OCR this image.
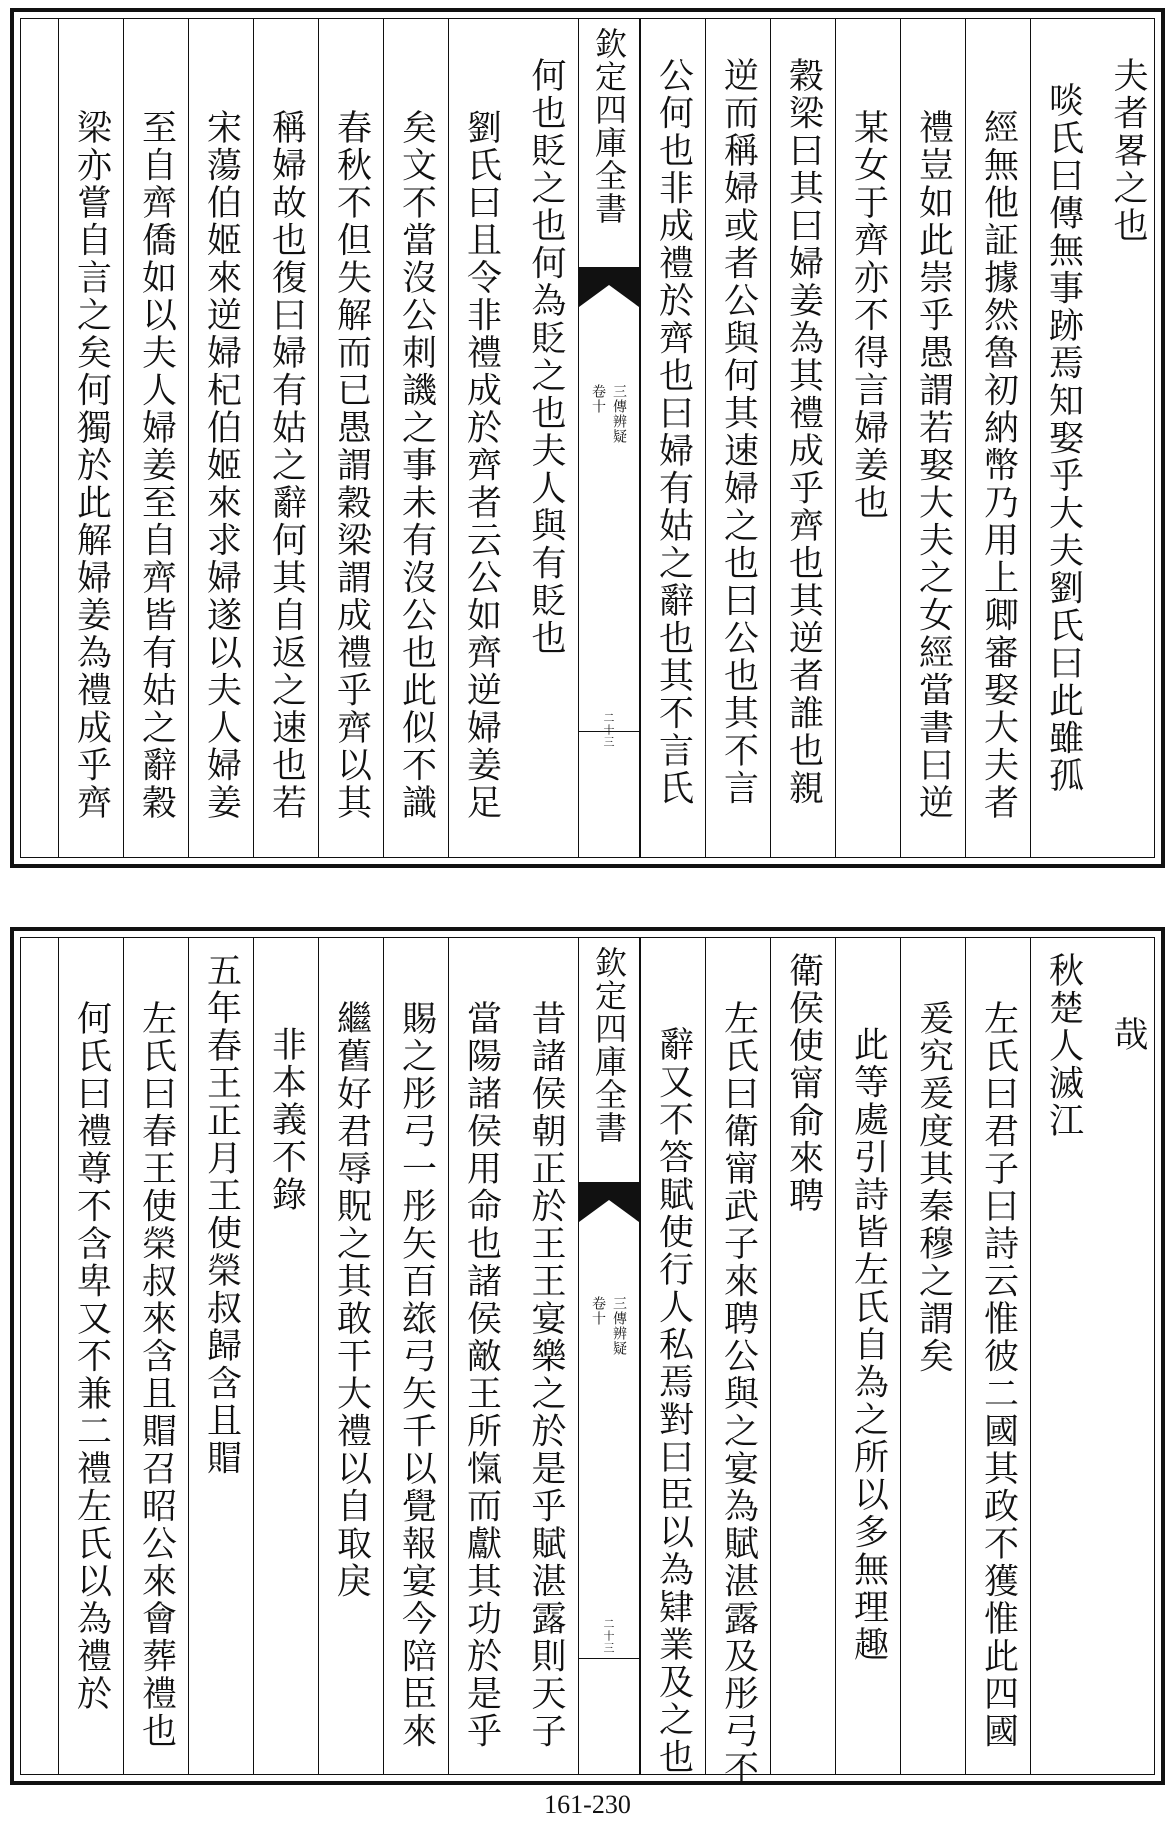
夫者畧之也
啖氏曰傳無事跡焉知娶乎大夫劉氏曰此雖孤
經無他証據然魯初納幣乃用上卿審娶大夫者
禮豈如此崇乎愚謂若娶大夫之女經當書曰逆
某女于齊亦不得言婦姜也
穀梁曰其曰婦姜為其禮成乎齊也其逆者誰也親
逆而稱婦或者公與何其速婦之也曰公也其不言
公何也非成禮於齊也曰婦有姑之辭也其不言氏
欽定四庫全書
三傳辨疑
卷十
二十三
何也貶之也何為貶之也夫人與有貶也
劉氏曰且令非禮成於齊者云公如齊逆婦姜足
矣文不當沒公刺譏之事未有沒公也此似不識
春秋不但失解而已愚謂穀梁謂成禮乎齊以其
稱婦故也復曰婦有姑之辭何其自返之速也若
宋蕩伯姬來逆婦杞伯姬來求婦遂以夫人婦姜
至自齊僑如以夫人婦姜至自齊皆有姑之辭穀
梁亦嘗自言之矣何獨於此解婦姜為禮成乎齊
哉
秋楚人滅江
左氏曰君子曰詩云惟彼二國其政不獲惟此四國
爰究爰度其秦穆之謂矣
此等處引詩皆左氏自為之所以多無理趣
衛侯使甯俞來聘
左氏曰衛甯武子來聘公與之宴為賦湛露及彤弓不
辭又不答賦使行人私焉對曰臣以為肄業及之也
欽定四庫全書
三傳辨疑
卷十
二十三
昔諸侯朝正於王王宴樂之於是乎賦湛露則天子
當陽諸侯用命也諸侯敵王所愾而獻其功於是乎
賜之彤弓一彤矢百玈弓矢千以覺報宴今陪臣來
繼舊好君辱貺之其敢干大禮以自取戾
非本義不錄
五年春王正月王使榮叔歸含且賵
左氏曰春王使榮叔來含且賵召昭公來會葬禮也
何氏曰禮尊不含卑又不兼二禮左氏以為禮於
161-230
